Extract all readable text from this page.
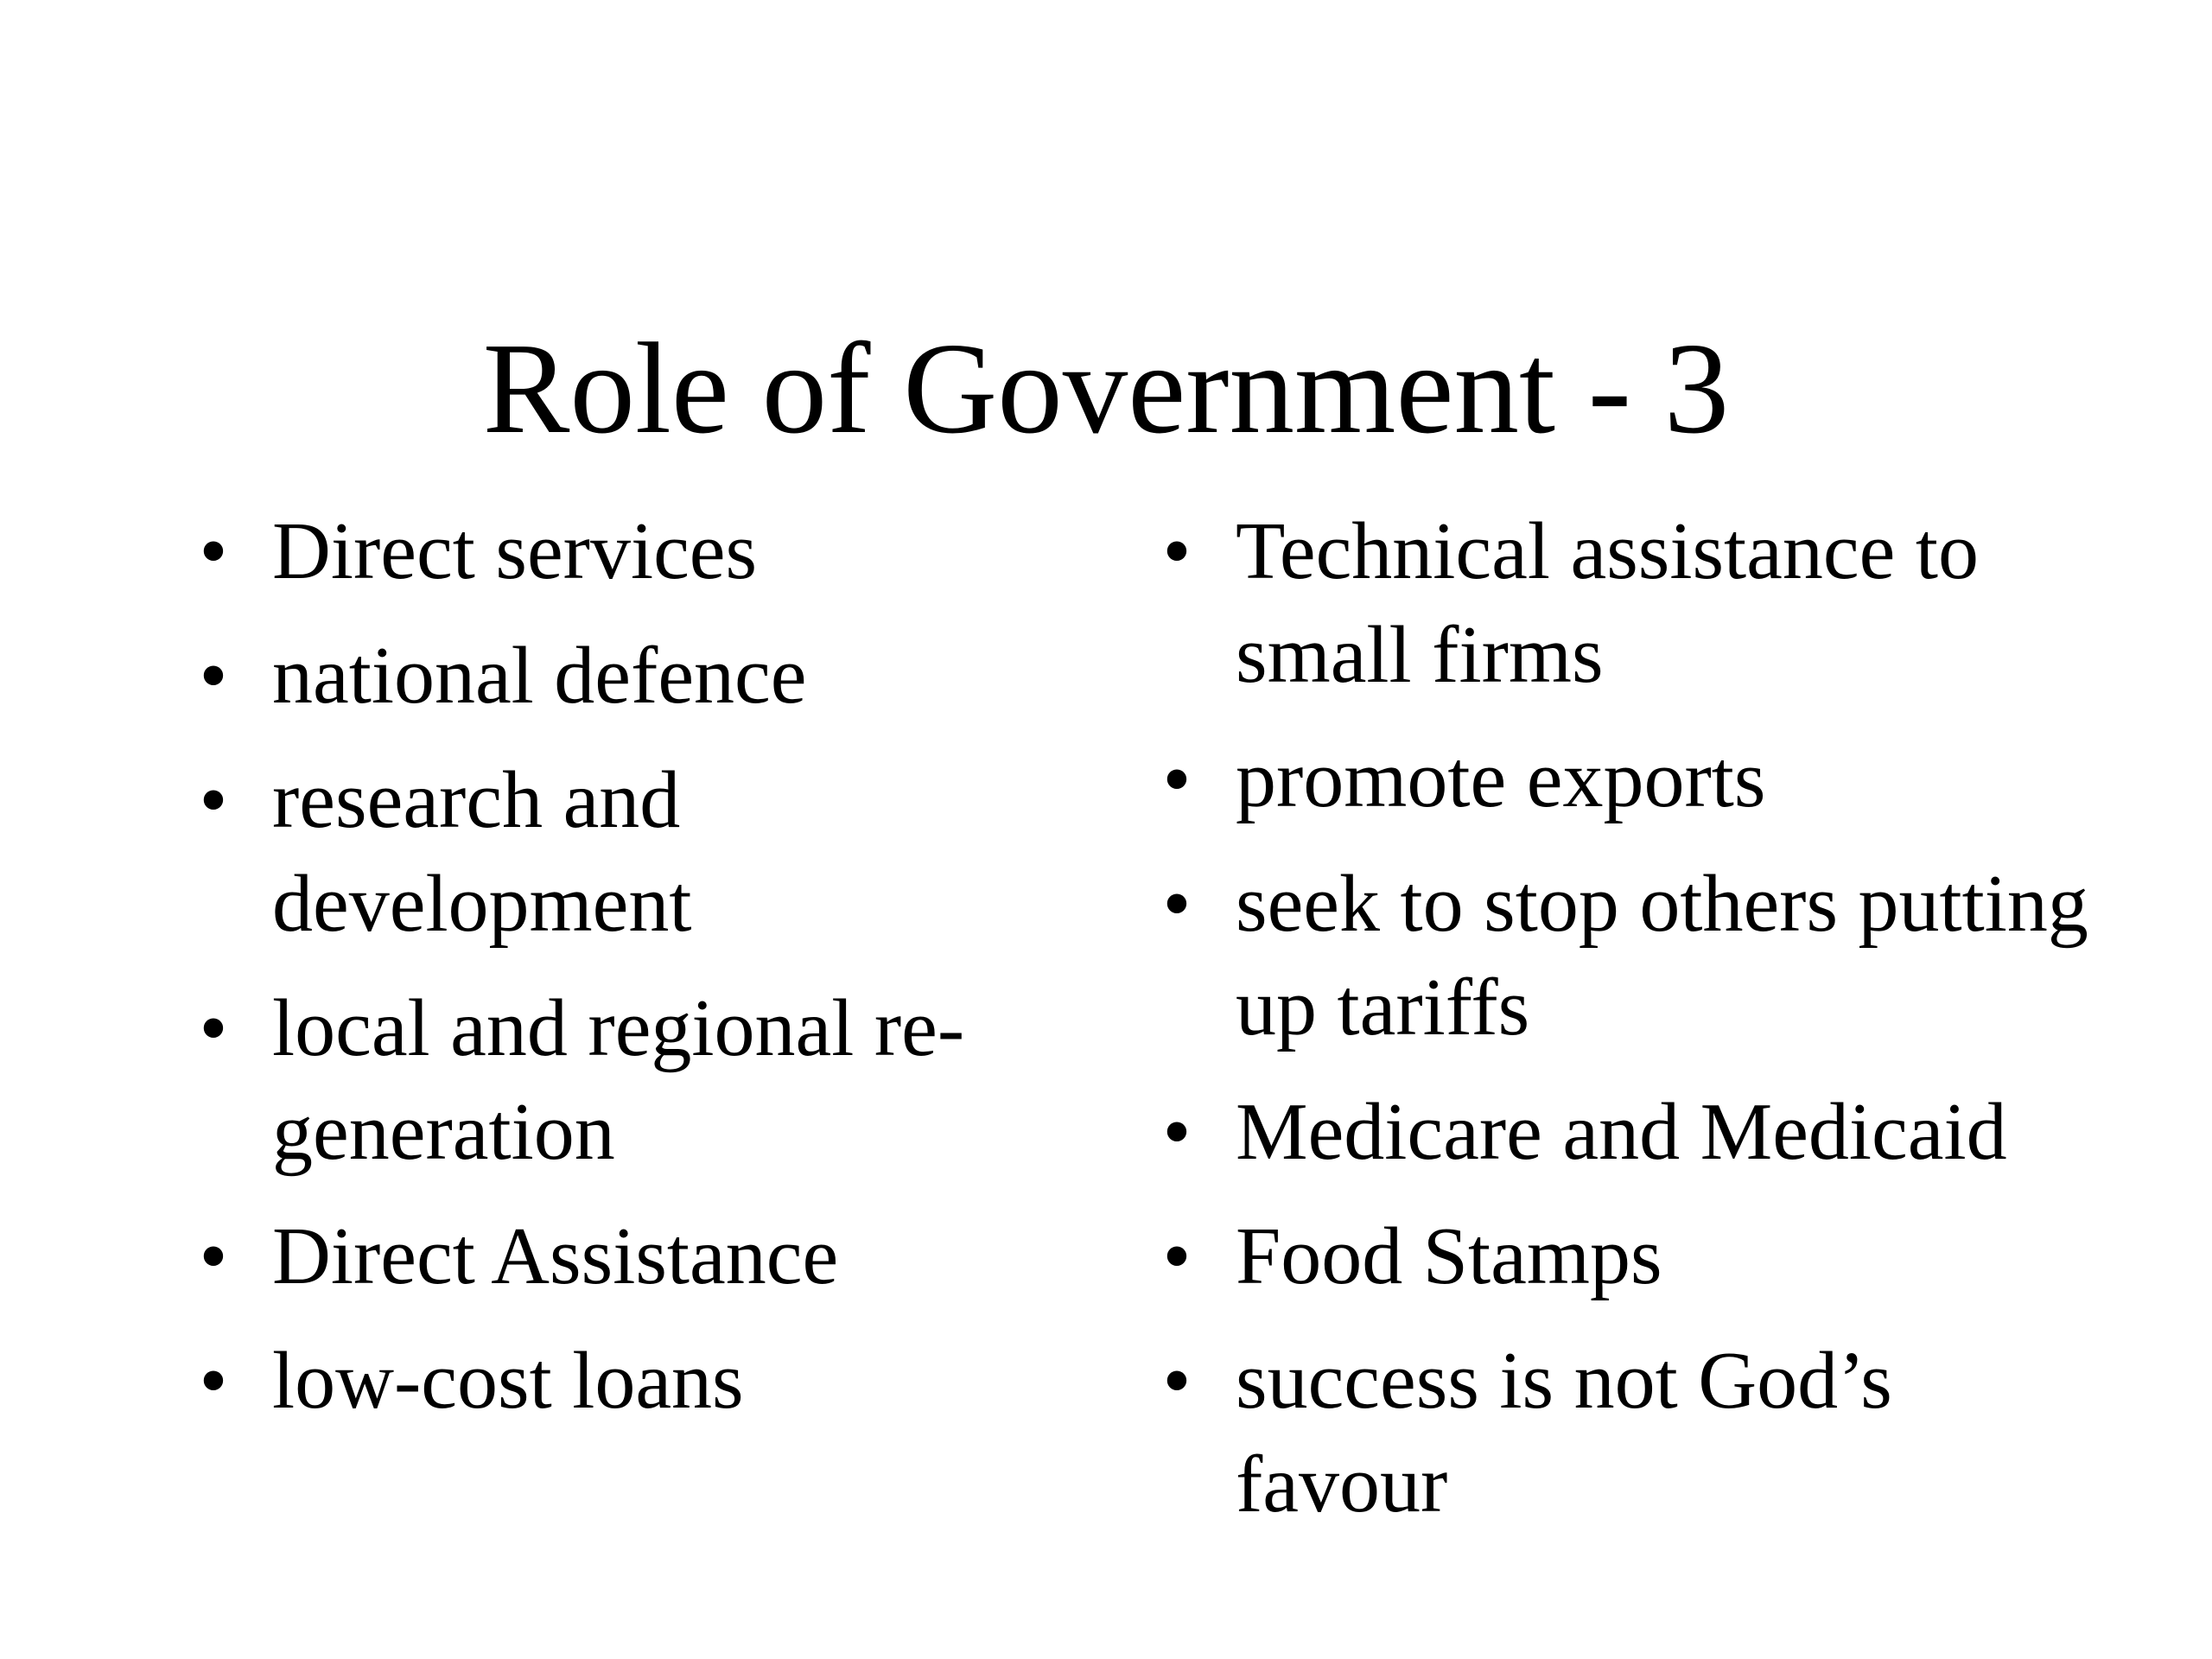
Role of Government - 3
• Direct services
• national defence
• research and development
• local and regional re-generation
• Direct Assistance
• low-cost loans
• Technical assistance to small firms
• promote exports
• seek to stop others putting up tariffs
• Medicare and Medicaid
• Food Stamps
• success is not God’s favour
